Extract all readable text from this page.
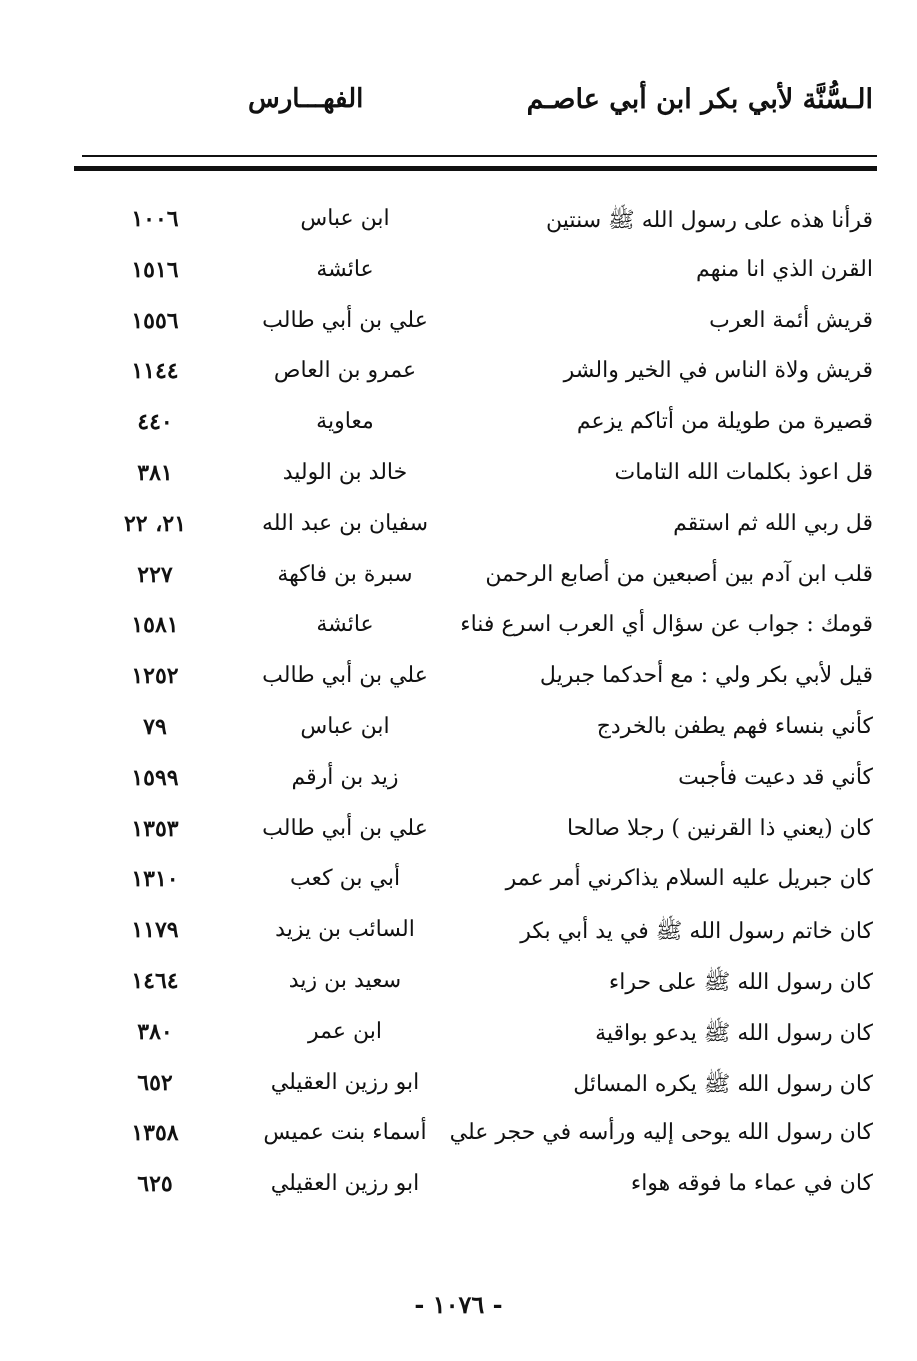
الـسُّنَّة لأبي بكر ابن أبي عاصـم
الفهـــارس
قرأنا هذه على رسول الله ﷺ سنتين
ابن عباس
١٠٠٦
القرن الذي انا منهم
عائشة
١٥١٦
قريش أئمة العرب
علي بن أبي طالب
١٥٥٦
قريش ولاة الناس في الخير والشر
عمرو بن العاص
١١٤٤
قصيرة من طويلة من أتاكم يزعم
معاوية
٤٤٠
قل اعوذ بكلمات الله التامات
خالد بن الوليد
٣٨١
قل ربي الله ثم استقم
سفيان بن عبد الله
٢١، ٢٢
قلب ابن آدم بين أصبعين من أصابع الرحمن
سبرة بن فاكهة
٢٢٧
قومك : جواب عن سؤال أي العرب اسرع فناء
عائشة
١٥٨١
قيل لأبي بكر ولي : مع أحدكما جبريل
علي بن أبي طالب
١٢٥٢
كأني بنساء فهم يطفن بالخردج
ابن عباس
٧٩
كأني قد دعيت فأجبت
زيد بن أرقم
١٥٩٩
كان (يعني ذا القرنين ) رجلا صالحا
علي بن أبي طالب
١٣٥٣
كان جبريل عليه السلام يذاكرني أمر عمر
أبي بن كعب
١٣١٠
كان خاتم رسول الله ﷺ في يد أبي بكر
السائب بن يزيد
١١٧٩
كان رسول الله ﷺ على حراء
سعيد بن زيد
١٤٦٤
كان رسول الله ﷺ يدعو بواقية
ابن عمر
٣٨٠
كان رسول الله ﷺ يكره المسائل
ابو رزين العقيلي
٦٥٢
كان رسول الله يوحى إليه ورأسه في حجر علي
أسماء بنت عميس
١٣٥٨
كان في عماء ما فوقه هواء
ابو رزين العقيلي
٦٢٥
- ١٠٧٦ -
